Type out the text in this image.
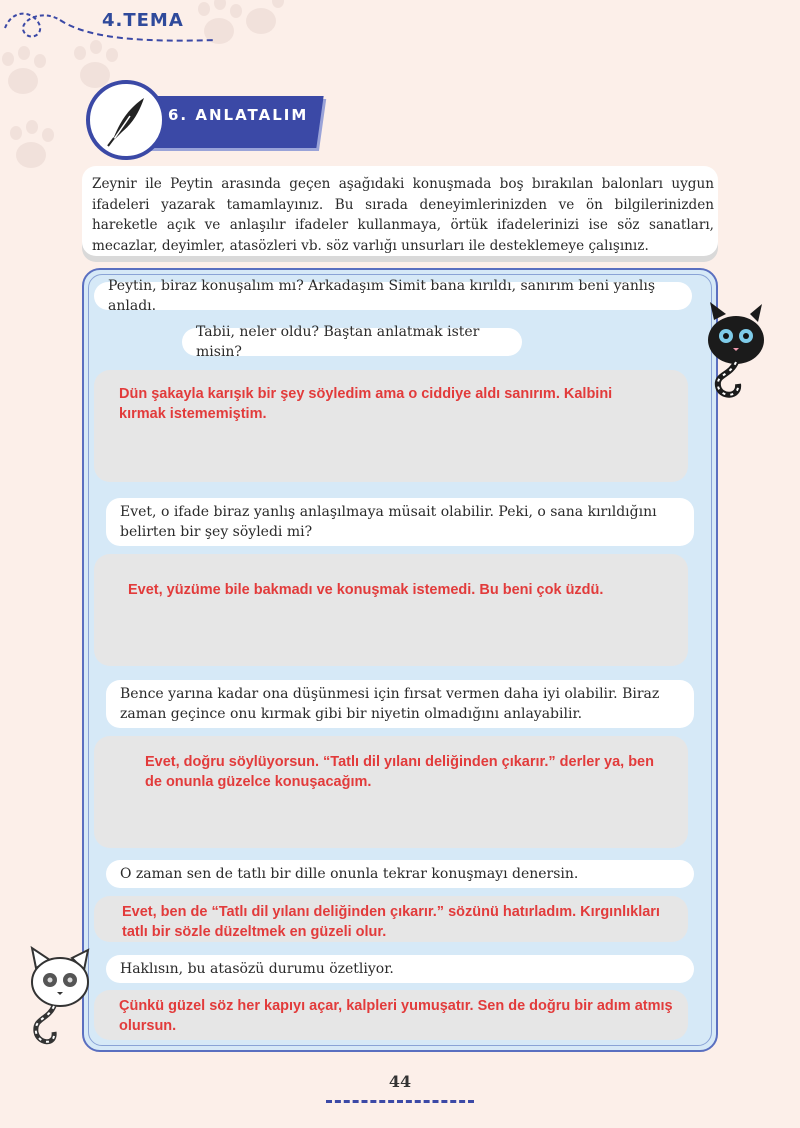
4.TEMA
6. ANLATALIM
Zeynir ile Peytin arasında geçen aşağıdaki konuşmada boş bırakılan balonları uygun ifadeleri yazarak tamamlayınız. Bu sırada deneyimlerinizden ve ön bilgilerinizden hareketle açık ve anlaşılır ifadeler kullanmaya, örtük ifadelerinizi ise söz sanatları, mecazlar, deyimler, atasözleri vb. söz varlığı unsurları ile desteklemeye çalışınız.
Peytin, biraz konuşalım mı? Arkadaşım Simit bana kırıldı, sanırım beni yanlış anladı.
Tabii, neler oldu? Baştan anlatmak ister misin?
Dün şakayla karışık bir şey söyledim ama o ciddiye aldı sanırım. Kalbini kırmak istememiştim.
Evet, o ifade biraz yanlış anlaşılmaya müsait olabilir. Peki, o sana kırıldığını belirten bir şey söyledi mi?
Evet, yüzüme bile bakmadı ve konuşmak istemedi. Bu beni çok üzdü.
Bence yarına kadar ona düşünmesi için fırsat vermen daha iyi olabilir. Biraz zaman geçince onu kırmak gibi bir niyetin olmadığını anlayabilir.
Evet, doğru söylüyorsun. “Tatlı dil yılanı deliğinden çıkarır.” derler ya, ben de onunla güzelce konuşacağım.
O zaman sen de tatlı bir dille onunla tekrar konuşmayı denersin.
Evet, ben de “Tatlı dil yılanı deliğinden çıkarır.” sözünü hatırladım. Kırgınlıkları tatlı bir sözle düzeltmek en güzeli olur.
Haklısın, bu atasözü durumu özetliyor.
Çünkü güzel söz her kapıyı açar, kalpleri yumuşatır. Sen de doğru bir adım atmış olursun.
44
